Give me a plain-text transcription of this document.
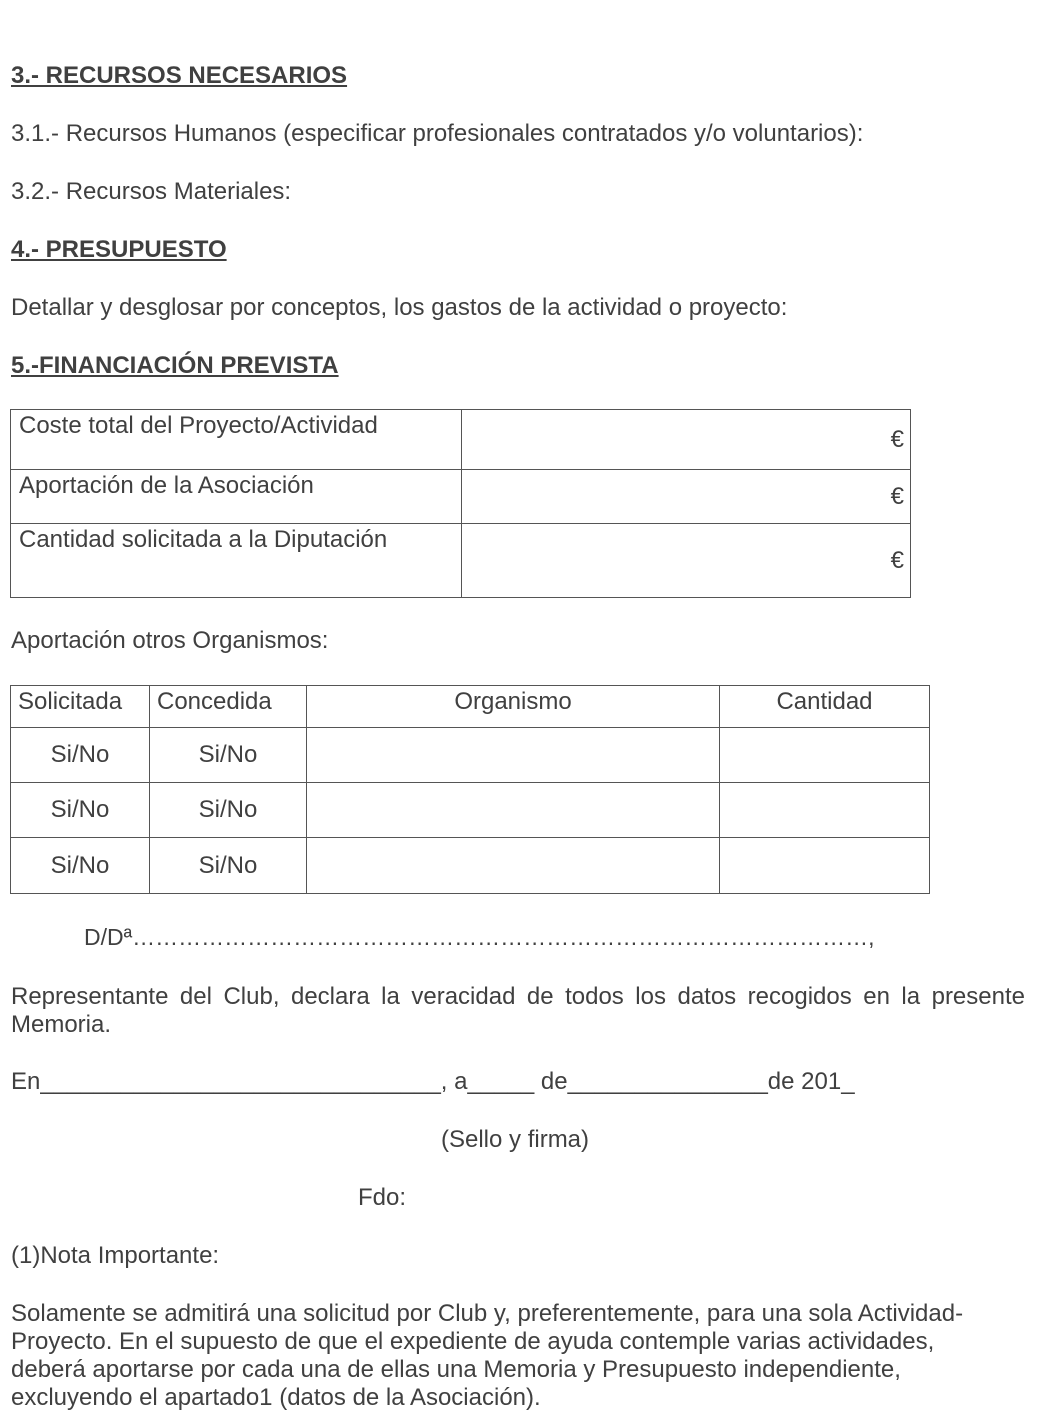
3.- RECURSOS NECESARIOS
3.1.- Recursos Humanos (especificar profesionales contratados y/o voluntarios):
3.2.- Recursos Materiales:
4.- PRESUPUESTO
Detallar y desglosar por conceptos, los gastos de la actividad o proyecto:
5.-FINANCIACIÓN PREVISTA
Coste total del Proyecto/Actividad	€
Aportación de la Asociación	€
Cantidad solicitada a la Diputación	€
Aportación otros Organismos:
Solicitada	Concedida	Organismo	Cantidad
Si/No	Si/No		
Si/No	Si/No		
Si/No	Si/No		
D/Dª……………………………………………………………………………………,
Representante del Club, declara la veracidad de todos los datos recogidos en la presente Memoria.
En______________________________, a_____ de_______________de 201_
(Sello y firma)
Fdo:
(1)Nota Importante:
Solamente se admitirá una solicitud por Club y, preferentemente, para una sola Actividad-Proyecto. En el supuesto de que el expediente de ayuda contemple varias actividades, deberá aportarse por cada una de ellas una Memoria y Presupuesto independiente, excluyendo el apartado1 (datos de la Asociación).
